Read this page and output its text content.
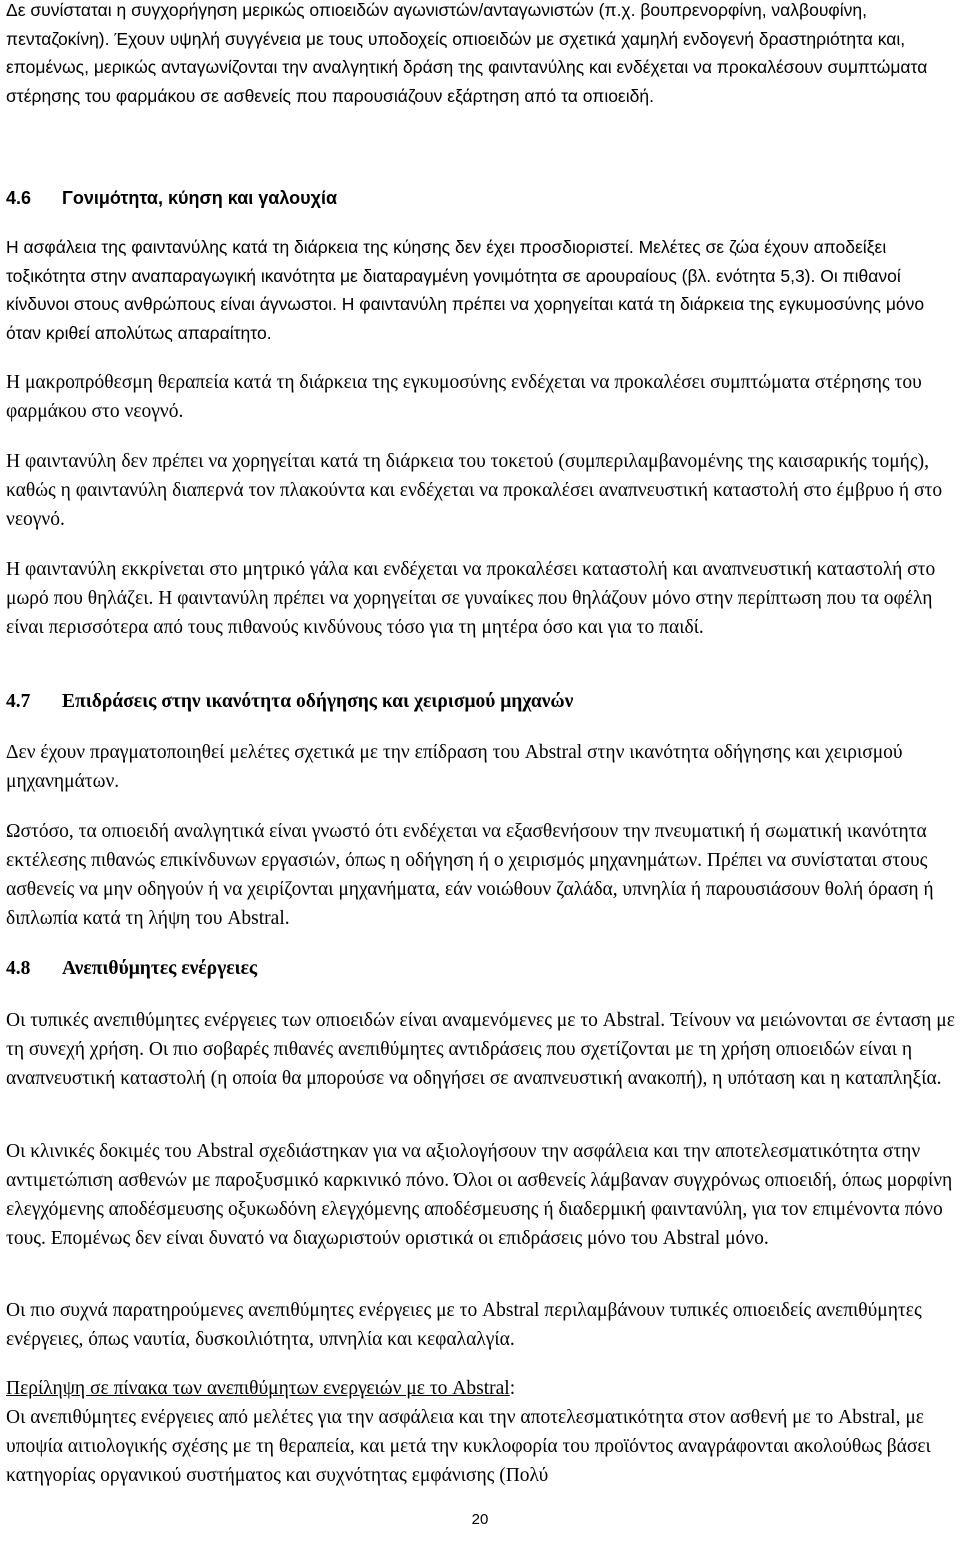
Δε συνίσταται η συγχορήγηση μερικώς οπιοειδών αγωνιστών/ανταγωνιστών (π.χ. βουπρενορφίνη, ναλβουφίνη, πενταζοκίνη). Έχουν υψηλή συγγένεια με τους υποδοχείς οπιοειδών με σχετικά χαμηλή ενδογενή δραστηριότητα και, επομένως, μερικώς ανταγωνίζονται την αναλγητική δράση της φαιντανύλης και ενδέχεται να προκαλέσουν συμπτώματα στέρησης του φαρμάκου σε ασθενείς που παρουσιάζουν εξάρτηση από τα οπιοειδή.

4.6 Γονιμότητα, κύηση και γαλουχία

Η ασφάλεια της φαιντανύλης κατά τη διάρκεια της κύησης δεν έχει προσδιοριστεί. Μελέτες σε ζώα έχουν αποδείξει τοξικότητα στην αναπαραγωγική ικανότητα με διαταραγμένη γονιμότητα σε αρουραίους (βλ. ενότητα 5,3). Οι πιθανοί κίνδυνοι στους ανθρώπους είναι άγνωστοι. Η φαιντανύλη πρέπει να χορηγείται κατά τη διάρκεια της εγκυμοσύνης μόνο όταν κριθεί απολύτως απαραίτητο.

Η μακροπρόθεσμη θεραπεία κατά τη διάρκεια της εγκυμοσύνης ενδέχεται να προκαλέσει συμπτώματα στέρησης του φαρμάκου στο νεογνό.

Η φαιντανύλη δεν πρέπει να χορηγείται κατά τη διάρκεια του τοκετού (συμπεριλαμβανομένης της καισαρικής τομής), καθώς η φαιντανύλη διαπερνά τον πλακούντα και ενδέχεται να προκαλέσει αναπνευστική καταστολή στο έμβρυο ή στο νεογνό.

Η φαιντανύλη εκκρίνεται στο μητρικό γάλα και ενδέχεται να προκαλέσει καταστολή και αναπνευστική καταστολή στο μωρό που θηλάζει. Η φαιντανύλη πρέπει να χορηγείται σε γυναίκες που θηλάζουν μόνο στην περίπτωση που τα οφέλη είναι περισσότερα από τους πιθανούς κινδύνους τόσο για τη μητέρα όσο και για το παιδί.

4.7 Επιδράσεις στην ικανότητα οδήγησης και χειρισμού μηχανών

Δεν έχουν πραγματοποιηθεί μελέτες σχετικά με την επίδραση του Abstral στην ικανότητα οδήγησης και χειρισμού μηχανημάτων.

Ωστόσο, τα οπιοειδή αναλγητικά είναι γνωστό ότι ενδέχεται να εξασθενήσουν την πνευματική ή σωματική ικανότητα εκτέλεσης πιθανώς επικίνδυνων εργασιών, όπως η οδήγηση ή ο χειρισμός μηχανημάτων. Πρέπει να συνίσταται στους ασθενείς να μην οδηγούν ή να χειρίζονται μηχανήματα, εάν νοιώθουν ζαλάδα, υπνηλία ή παρουσιάσουν θολή όραση ή διπλωπία κατά τη λήψη του Abstral.

4.8 Ανεπιθύμητες ενέργειες

Οι τυπικές ανεπιθύμητες ενέργειες των οπιοειδών είναι αναμενόμενες με το Abstral. Τείνουν να μειώνονται σε ένταση με τη συνεχή χρήση. Οι πιο σοβαρές πιθανές ανεπιθύμητες αντιδράσεις που σχετίζονται με τη χρήση οπιοειδών είναι η αναπνευστική καταστολή (η οποία θα μπορούσε να οδηγήσει σε αναπνευστική ανακοπή), η υπόταση και η καταπληξία.

Οι κλινικές δοκιμές του Abstral σχεδιάστηκαν για να αξιολογήσουν την ασφάλεια και την αποτελεσματικότητα στην αντιμετώπιση ασθενών με παροξυσμικό καρκινικό πόνο. Όλοι οι ασθενείς λάμβαναν συγχρόνως οπιοειδή, όπως μορφίνη ελεγχόμενης αποδέσμευσης οξυκωδόνη ελεγχόμενης αποδέσμευσης ή διαδερμική φαιντανύλη, για τον επιμένοντα πόνο τους. Επομένως δεν είναι δυνατό να διαχωριστούν οριστικά οι επιδράσεις μόνο του Abstral μόνο.

Οι πιο συχνά παρατηρούμενες ανεπιθύμητες ενέργειες με το Abstral περιλαμβάνουν τυπικές οπιοειδείς ανεπιθύμητες ενέργειες, όπως ναυτία, δυσκοιλιότητα, υπνηλία και κεφαλαλγία.

Περίληψη σε πίνακα των ανεπιθύμητων ενεργειών με το Abstral:

Οι ανεπιθύμητες ενέργειες από μελέτες για την ασφάλεια και την αποτελεσματικότητα στον ασθενή με το Abstral, με υποψία αιτιολογικής σχέσης με τη θεραπεία, και μετά την κυκλοφορία του προϊόντος αναγράφονται ακολούθως βάσει κατηγορίας οργανικού συστήματος και συχνότητας εμφάνισης (Πολύ

20
